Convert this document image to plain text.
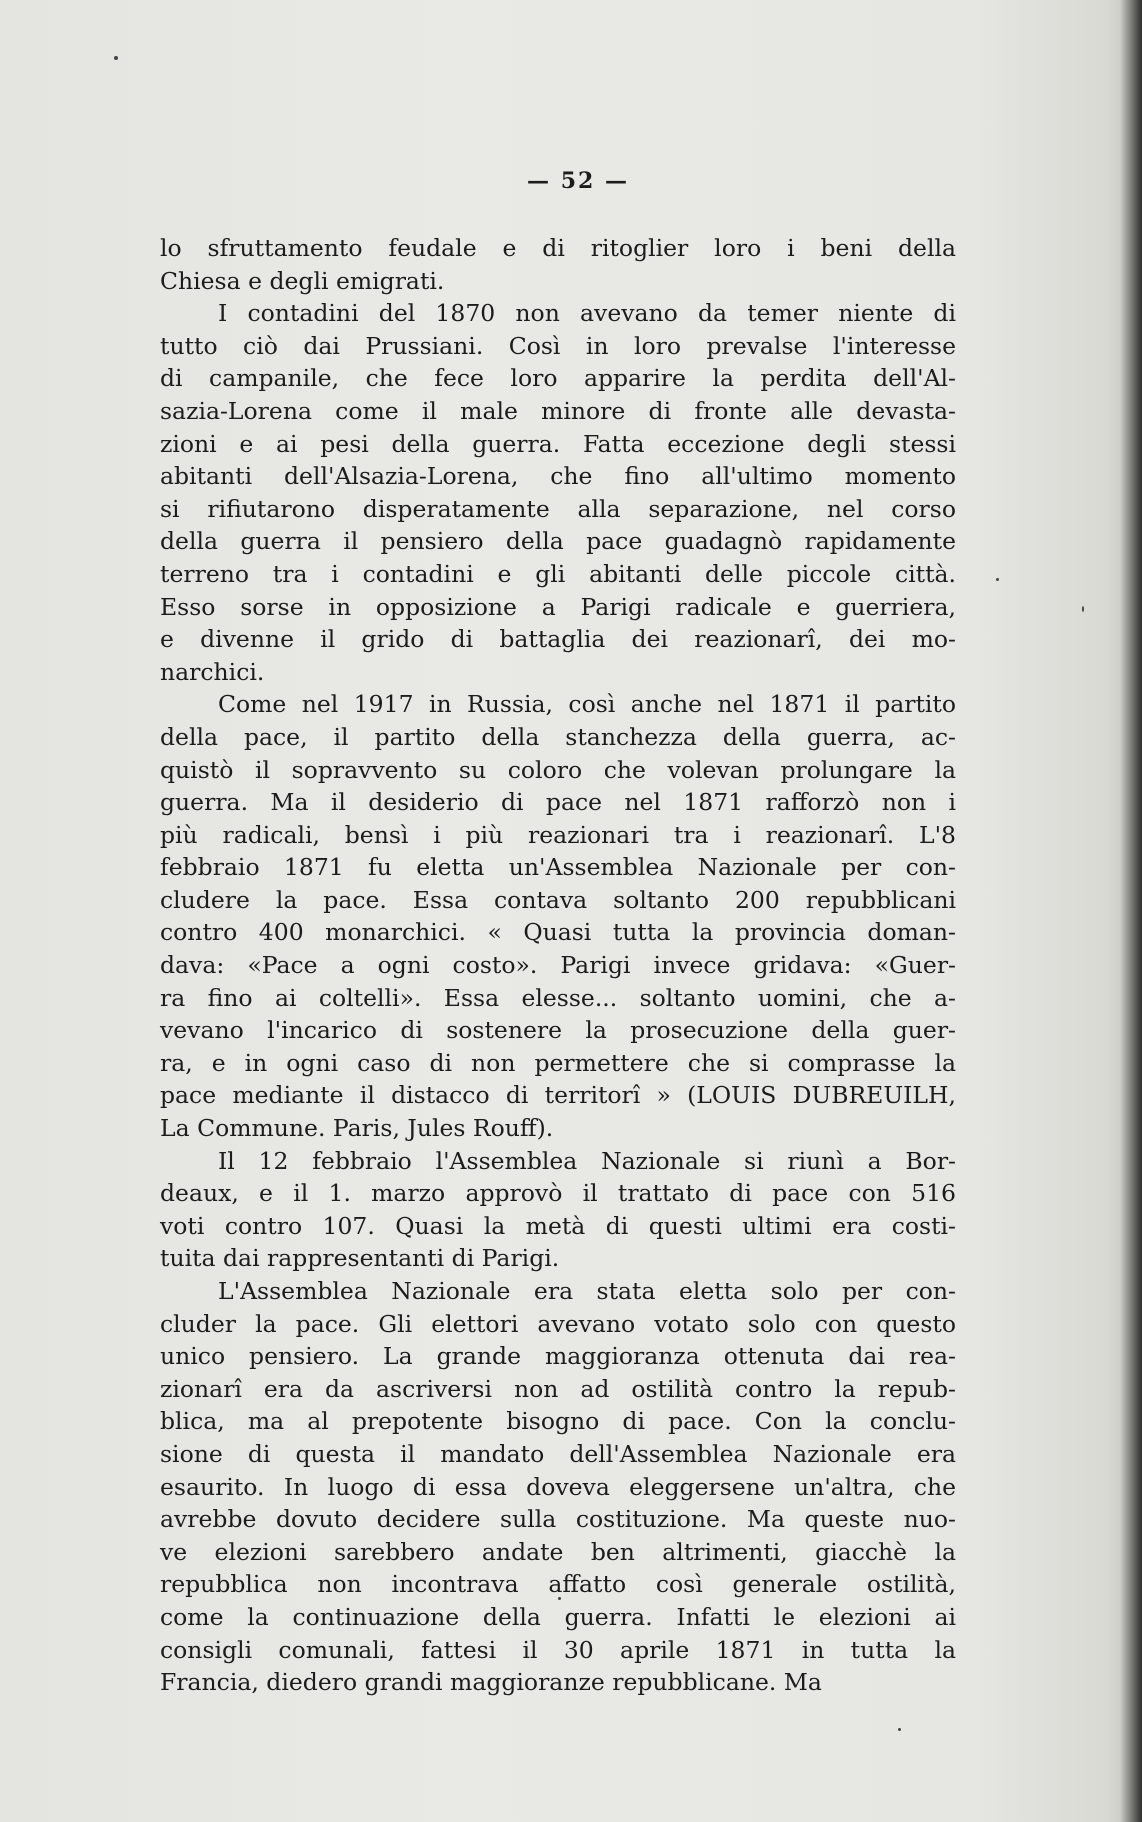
— 52 —

lo sfruttamento feudale e di ritoglier loro i beni della
Chiesa e degli emigrati.

I contadini del 1870 non avevano da temer niente di
tutto ciò dai Prussiani. Così in loro prevalse l'interesse
di campanile, che fece loro apparire la perdita dell'Al-
sazia-Lorena come il male minore di fronte alle devasta-
zioni e ai pesi della guerra. Fatta eccezione degli stessi
abitanti dell'Alsazia-Lorena, che fino all'ultimo momento
si rifiutarono disperatamente alla separazione, nel corso
della guerra il pensiero della pace guadagnò rapidamente
terreno tra i contadini e gli abitanti delle piccole città.
Esso sorse in opposizione a Parigi radicale e guerriera,
e divenne il grido di battaglia dei reazionarî, dei mo-
narchici.

Come nel 1917 in Russia, così anche nel 1871 il partito
della pace, il partito della stanchezza della guerra, ac-
quistò il sopravvento su coloro che volevan prolungare la
guerra. Ma il desiderio di pace nel 1871 rafforzò non i
più radicali, bensì i più reazionari tra i reazionarî. L'8
febbraio 1871 fu eletta un'Assemblea Nazionale per con-
cludere la pace. Essa contava soltanto 200 repubblicani
contro 400 monarchici. « Quasi tutta la provincia doman-
dava: «Pace a ogni costo». Parigi invece gridava: «Guer-
ra fino ai coltelli». Essa elesse... soltanto uomini, che a-
vevano l'incarico di sostenere la prosecuzione della guer-
ra, e in ogni caso di non permettere che si comprasse la
pace mediante il distacco di territorî » (LOUIS DUBREUILH,
La Commune. Paris, Jules Rouff).

Il 12 febbraio l'Assemblea Nazionale si riunì a Bor-
deaux, e il 1. marzo approvò il trattato di pace con 516
voti contro 107. Quasi la metà di questi ultimi era costi-
tuita dai rappresentanti di Parigi.

L'Assemblea Nazionale era stata eletta solo per con-
cluder la pace. Gli elettori avevano votato solo con questo
unico pensiero. La grande maggioranza ottenuta dai rea-
zionarî era da ascriversi non ad ostilità contro la repub-
blica, ma al prepotente bisogno di pace. Con la conclu-
sione di questa il mandato dell'Assemblea Nazionale era
esaurito. In luogo di essa doveva eleggersene un'altra, che
avrebbe dovuto decidere sulla costituzione. Ma queste nuo-
ve elezioni sarebbero andate ben altrimenti, giacchè la
repubblica non incontrava affatto così generale ostilità,
come la continuazione della guerra. Infatti le elezioni ai
consigli comunali, fattesi il 30 aprile 1871 in tutta la
Francia, diedero grandi maggioranze repubblicane. Ma
